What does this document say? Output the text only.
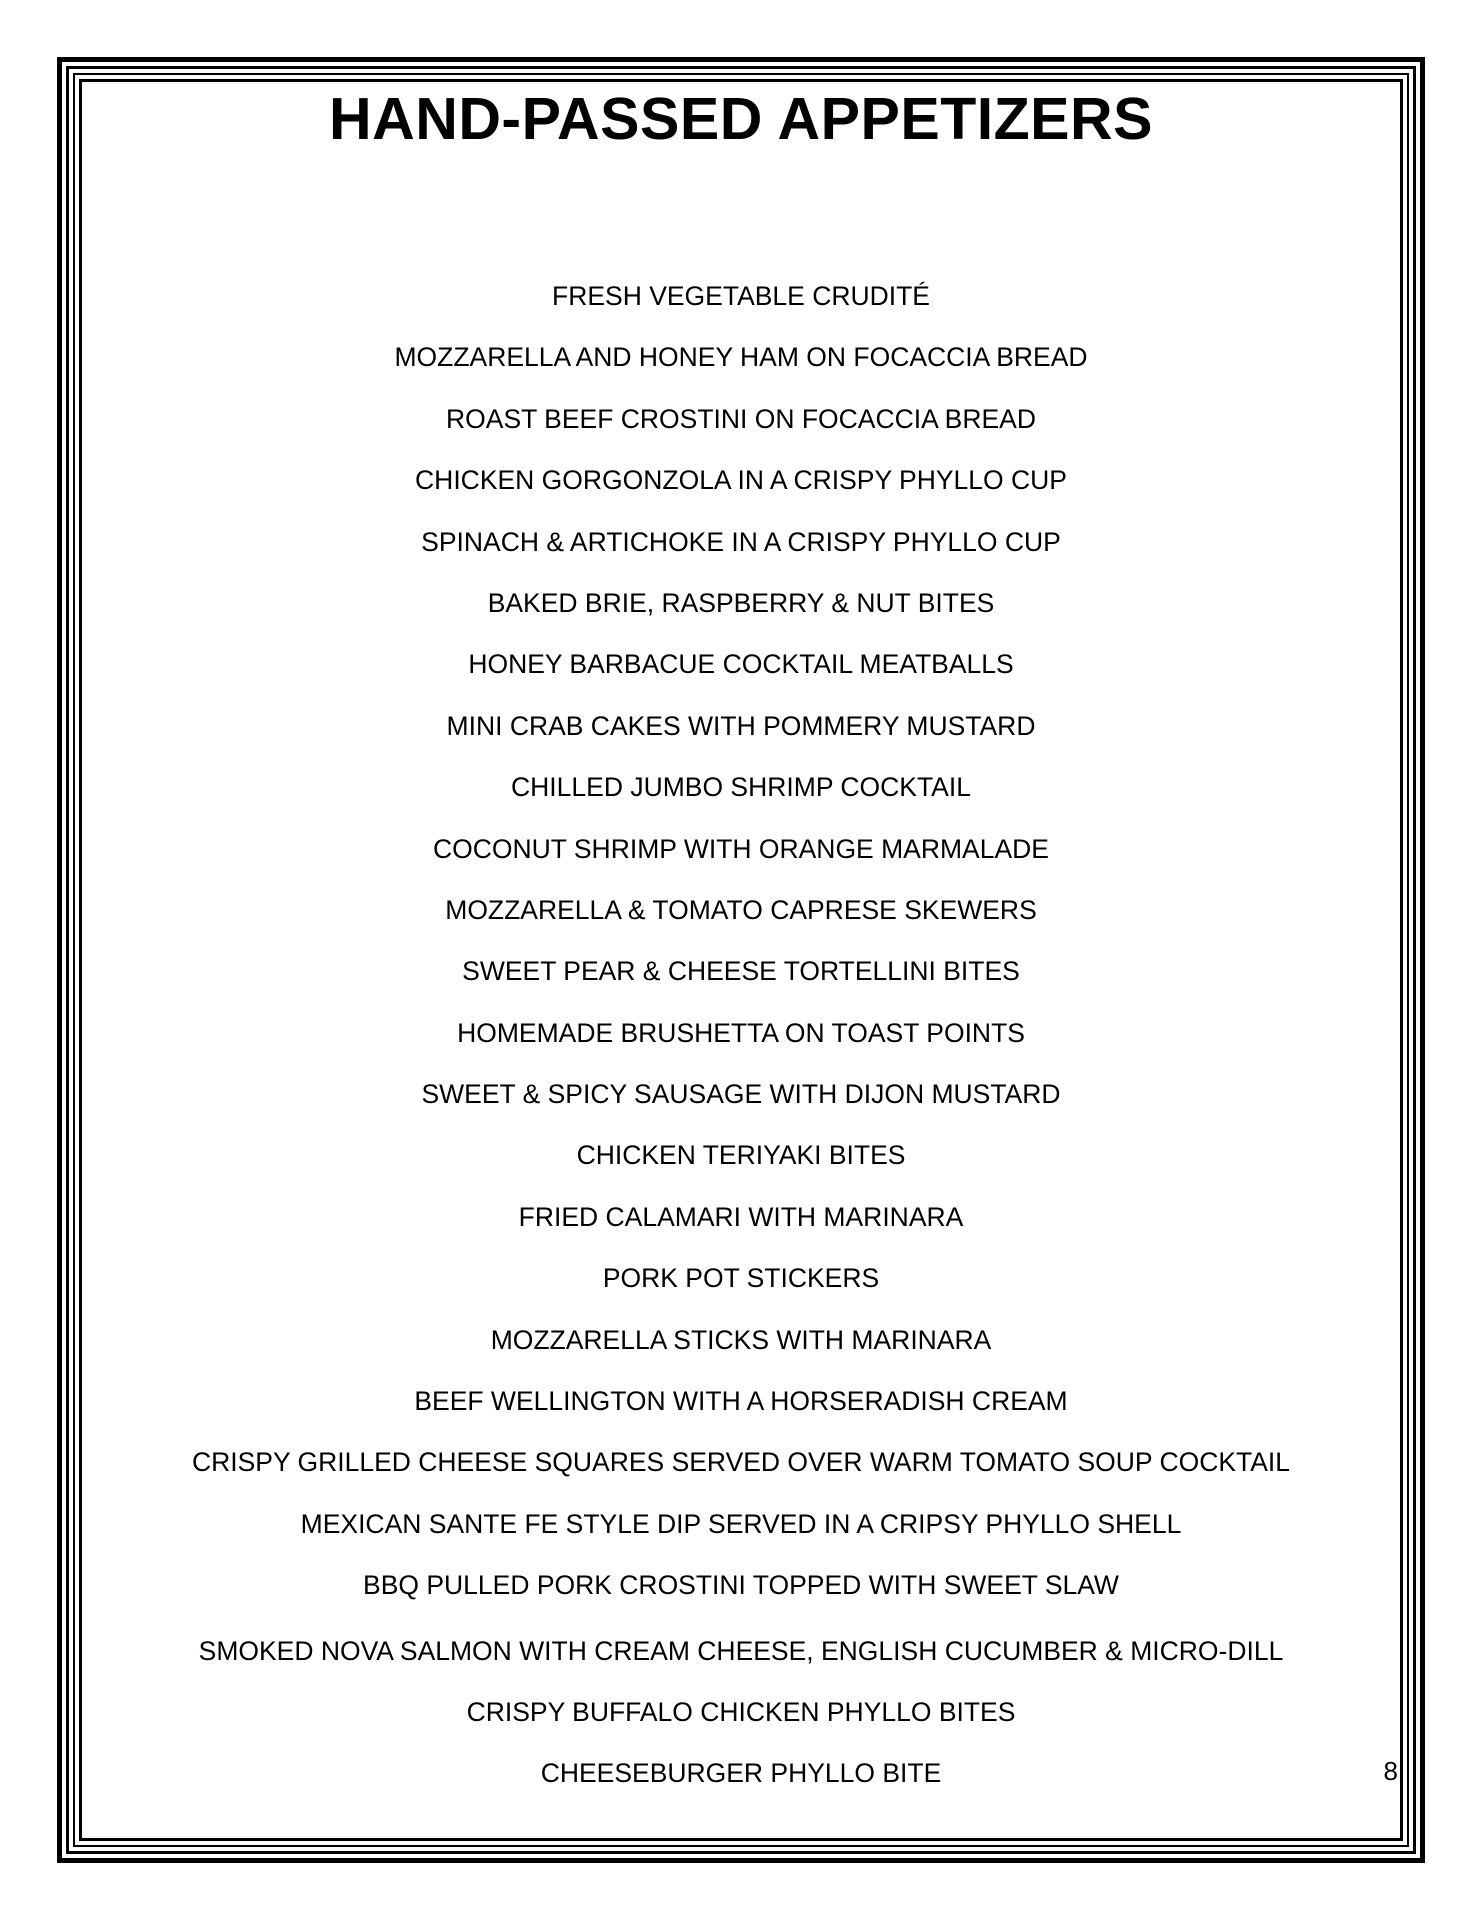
HAND-PASSED APPETIZERS
FRESH VEGETABLE CRUDITÉ
MOZZARELLA AND HONEY HAM ON FOCACCIA BREAD
ROAST BEEF CROSTINI ON FOCACCIA BREAD
CHICKEN GORGONZOLA IN A CRISPY PHYLLO CUP
SPINACH & ARTICHOKE IN A CRISPY PHYLLO CUP
BAKED BRIE, RASPBERRY & NUT BITES
HONEY BARBACUE COCKTAIL MEATBALLS
MINI CRAB CAKES WITH POMMERY MUSTARD
CHILLED JUMBO SHRIMP COCKTAIL
COCONUT SHRIMP WITH ORANGE MARMALADE
MOZZARELLA & TOMATO CAPRESE SKEWERS
SWEET PEAR & CHEESE TORTELLINI BITES
HOMEMADE BRUSHETTA ON TOAST POINTS
SWEET & SPICY SAUSAGE WITH DIJON MUSTARD
CHICKEN TERIYAKI BITES
FRIED CALAMARI WITH MARINARA
PORK POT STICKERS
MOZZARELLA STICKS WITH MARINARA
BEEF WELLINGTON WITH A HORSERADISH CREAM
CRISPY GRILLED CHEESE SQUARES SERVED OVER WARM TOMATO SOUP COCKTAIL
MEXICAN SANTE FE STYLE DIP SERVED IN A CRIPSY PHYLLO SHELL
BBQ PULLED PORK CROSTINI TOPPED WITH SWEET SLAW
SMOKED NOVA SALMON WITH CREAM CHEESE, ENGLISH CUCUMBER & MICRO-DILL
CRISPY BUFFALO CHICKEN PHYLLO BITES
CHEESEBURGER PHYLLO BITE	8
